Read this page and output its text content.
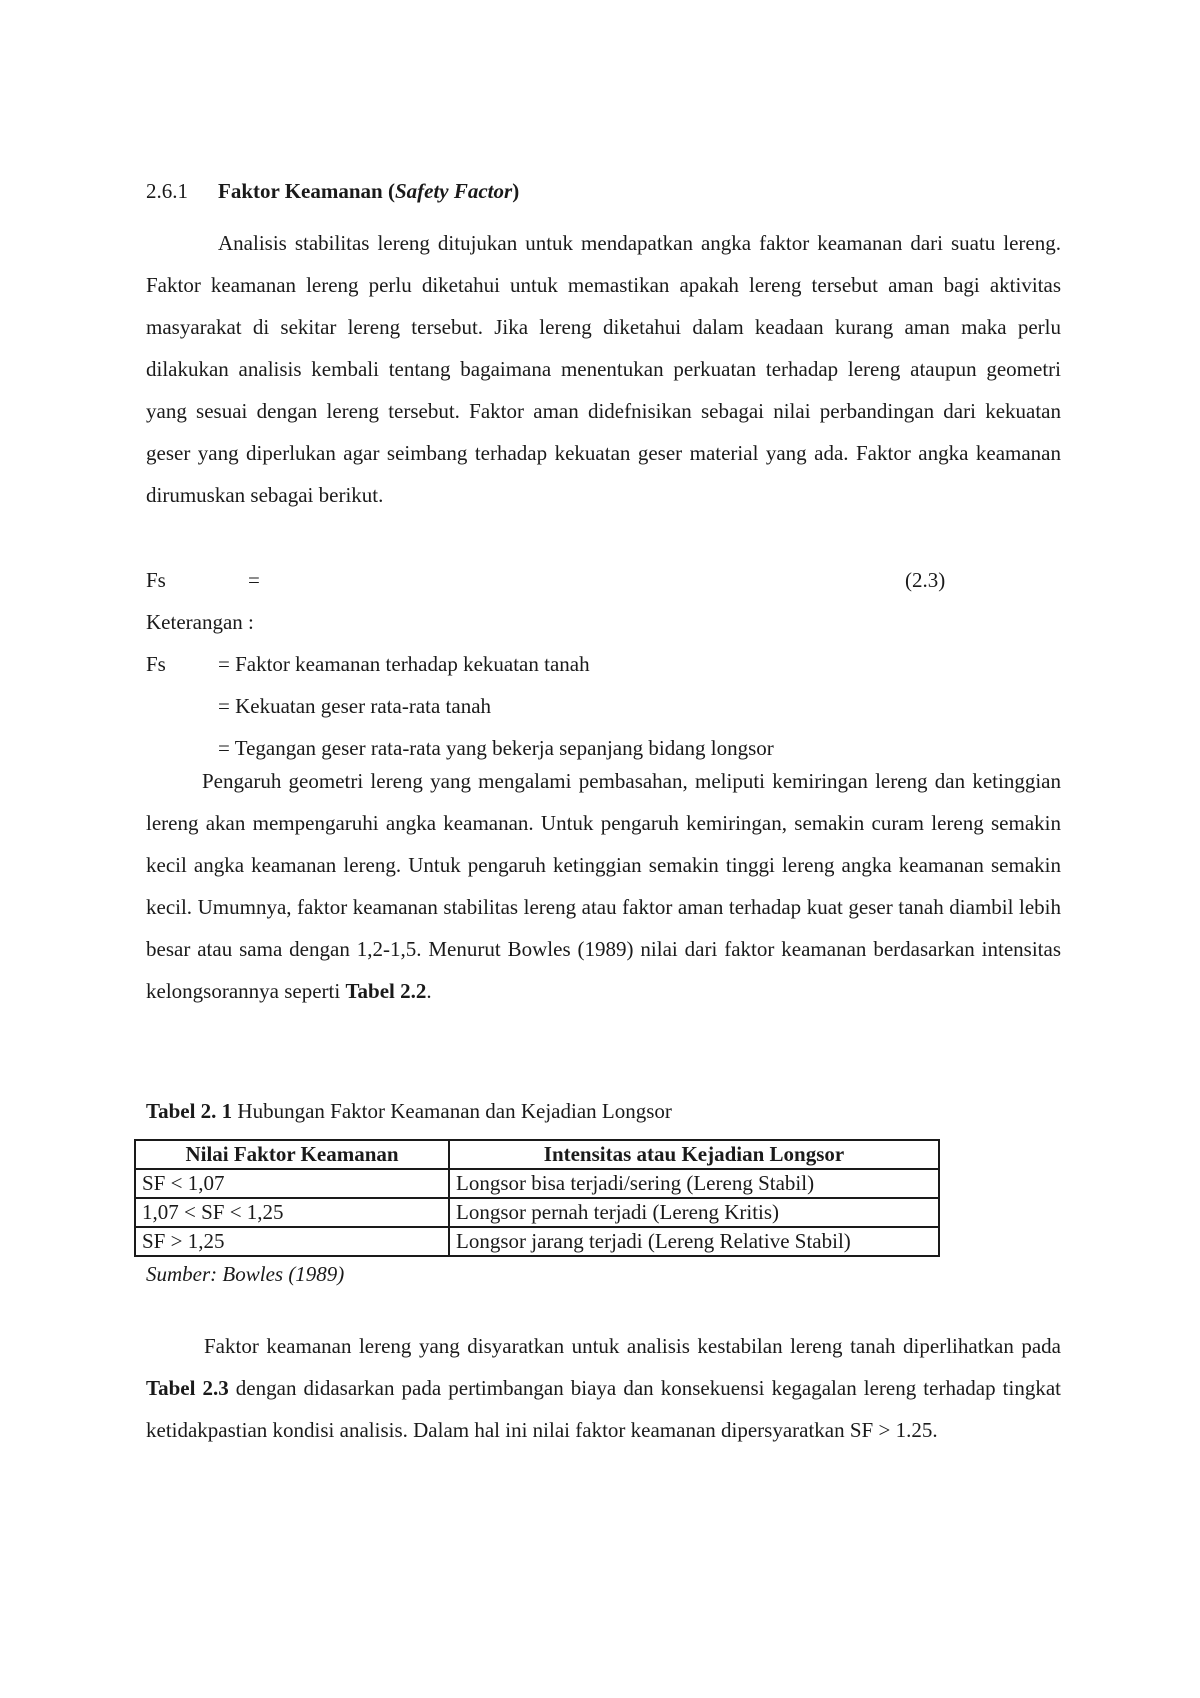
2.6.1 Faktor Keamanan (Safety Factor)

Analisis stabilitas lereng ditujukan untuk mendapatkan angka faktor keamanan dari suatu lereng. Faktor keamanan lereng perlu diketahui untuk memastikan apakah lereng tersebut aman bagi aktivitas masyarakat di sekitar lereng tersebut. Jika lereng diketahui dalam keadaan kurang aman maka perlu dilakukan analisis kembali tentang bagaimana menentukan perkuatan terhadap lereng ataupun geometri yang sesuai dengan lereng tersebut. Faktor aman didefnisikan sebagai nilai perbandingan dari kekuatan geser yang diperlukan agar seimbang terhadap kekuatan geser material yang ada. Faktor angka keamanan dirumuskan sebagai berikut.

Fs	=	(2.3)
Keterangan :
Fs = Faktor keamanan terhadap kekuatan tanah
= Kekuatan geser rata-rata tanah
= Tegangan geser rata-rata yang bekerja sepanjang bidang longsor

Pengaruh geometri lereng yang mengalami pembasahan, meliputi kemiringan lereng dan ketinggian lereng akan mempengaruhi angka keamanan. Untuk pengaruh kemiringan, semakin curam lereng semakin kecil angka keamanan lereng. Untuk pengaruh ketinggian semakin tinggi lereng angka keamanan semakin kecil. Umumnya, faktor keamanan stabilitas lereng atau faktor aman terhadap kuat geser tanah diambil lebih besar atau sama dengan 1,2-1,5. Menurut Bowles (1989) nilai dari faktor keamanan berdasarkan intensitas kelongsorannya seperti Tabel 2.2.

Tabel 2. 1 Hubungan Faktor Keamanan dan Kejadian Longsor
Nilai Faktor Keamanan	Intensitas atau Kejadian Longsor
SF < 1,07	Longsor bisa terjadi/sering (Lereng Stabil)
1,07 < SF < 1,25	Longsor pernah terjadi (Lereng Kritis)
SF > 1,25	Longsor jarang terjadi (Lereng Relative Stabil)
Sumber: Bowles (1989)

Faktor keamanan lereng yang disyaratkan untuk analisis kestabilan lereng tanah diperlihatkan pada Tabel 2.3 dengan didasarkan pada pertimbangan biaya dan konsekuensi kegagalan lereng terhadap tingkat ketidakpastian kondisi analisis. Dalam hal ini nilai faktor keamanan dipersyaratkan SF > 1.25.
